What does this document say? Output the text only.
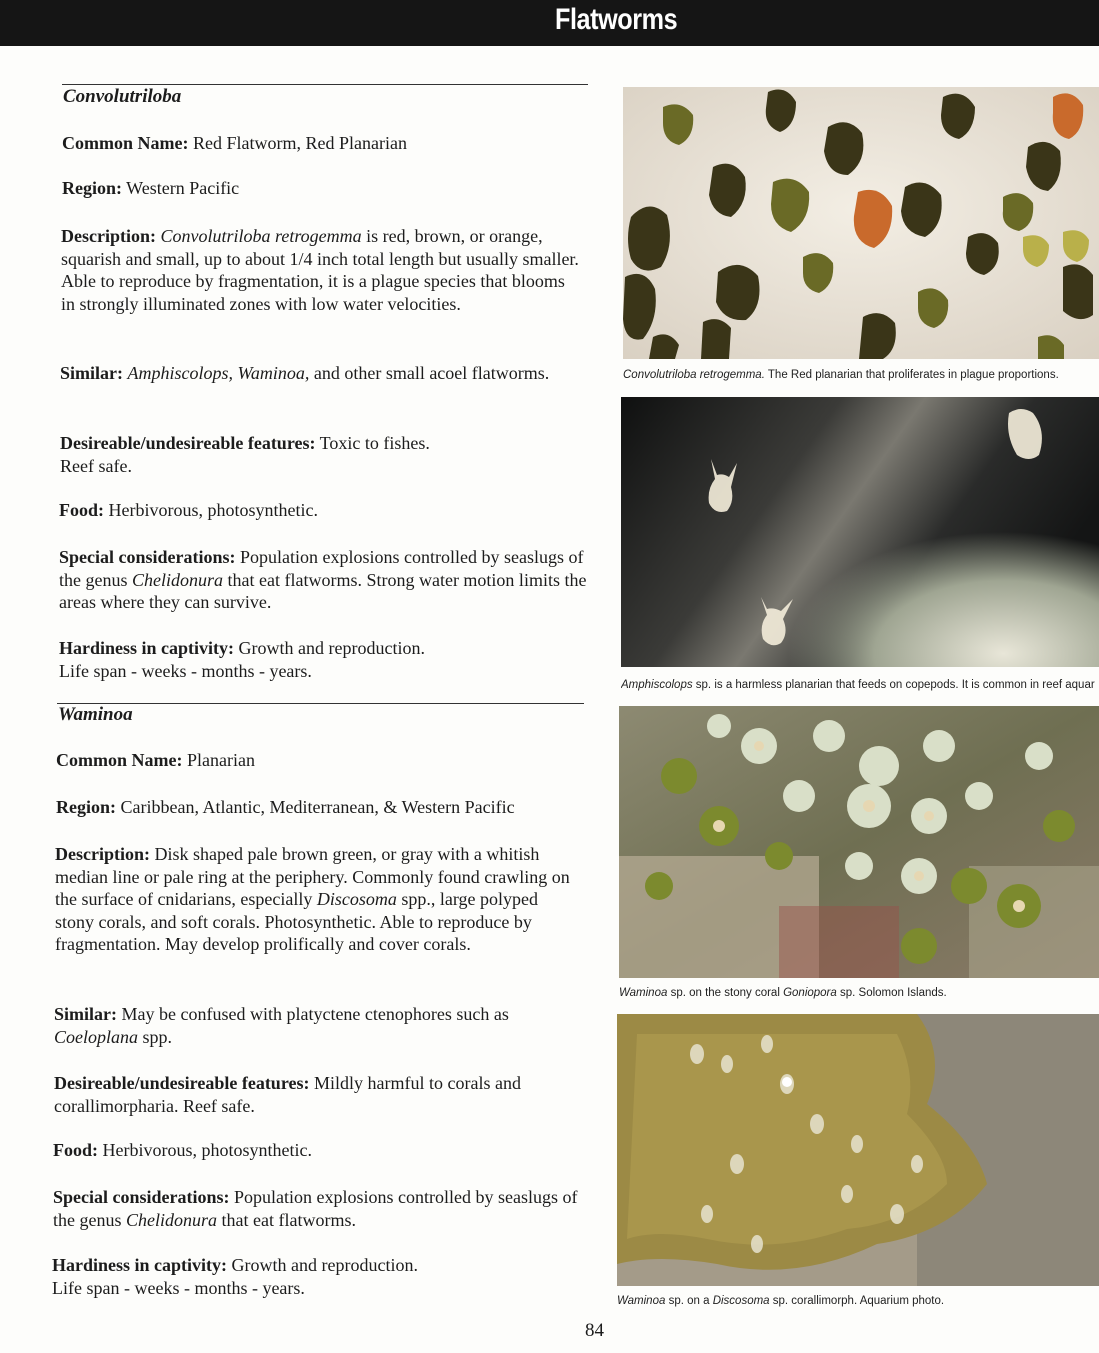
Flatworms
Convolutriloba
Common Name: Red Flatworm, Red Planarian
Region: Western Pacific
Description: Convolutriloba retrogemma is red, brown, or orange, squarish and small, up to about 1/4 inch total length but usually smaller. Able to reproduce by fragmentation, it is a plague species that blooms in strongly illuminated zones with low water velocities.
Similar: Amphiscolops, Waminoa, and other small acoel flatworms.
Desireable/undesireable features: Toxic to fishes.
Reef safe.
Food: Herbivorous, photosynthetic.
Special considerations: Population explosions controlled by seaslugs of the genus Chelidonura that eat flatworms. Strong water motion limits the areas where they can survive.
Hardiness in captivity: Growth and reproduction.
Life span - weeks - months - years.
Waminoa
Common Name: Planarian
Region: Caribbean, Atlantic, Mediterranean, & Western Pacific
Description: Disk shaped pale brown green, or gray with a whitish median line or pale ring at the periphery. Commonly found crawling on the surface of cnidarians, especially Discosoma spp., large polyped stony corals, and soft corals. Photosynthetic. Able to reproduce by fragmentation. May develop prolifically and cover corals.
Similar: May be confused with platyctene ctenophores such as Coeloplana spp.
Desireable/undesireable features: Mildly harmful to corals and corallimorpharia. Reef safe.
Food: Herbivorous, photosynthetic.
Special considerations: Population explosions controlled by seaslugs of the genus Chelidonura that eat flatworms.
Hardiness in captivity: Growth and reproduction.
Life span - weeks - months - years.
Convolutriloba retrogemma. The Red planarian that proliferates in plague proportions.
Amphiscolops sp. is a harmless planarian that feeds on copepods. It is common in reef aquar
Waminoa sp. on the stony coral Goniopora sp. Solomon Islands.
Waminoa sp. on a Discosoma sp. corallimorph. Aquarium photo.
84
